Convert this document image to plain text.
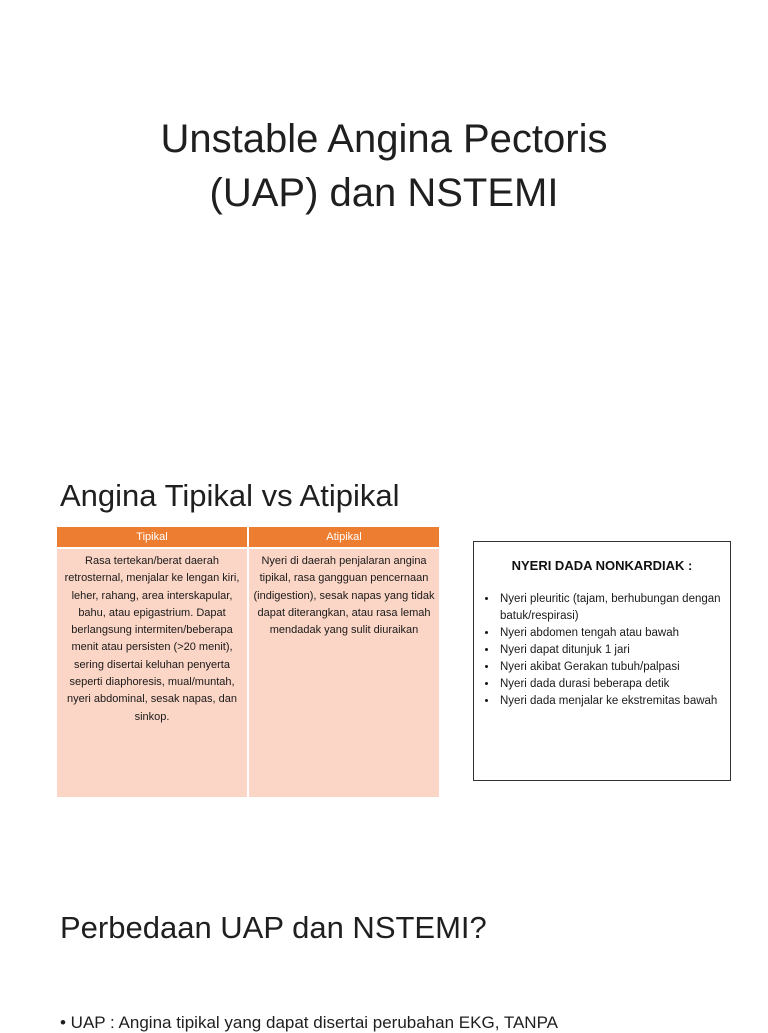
Unstable Angina Pectoris
(UAP) dan NSTEMI
Angina Tipikal vs Atipikal
Tipikal	Atipikal
Rasa tertekan/berat daerah retrosternal, menjalar ke lengan kiri, leher, rahang, area interskapular, bahu, atau epigastrium. Dapat berlangsung intermiten/beberapa menit atau persisten (>20 menit), sering disertai keluhan penyerta seperti diaphoresis, mual/muntah, nyeri abdominal, sesak napas, dan sinkop.	Nyeri di daerah penjalaran angina tipikal, rasa gangguan pencernaan (indigestion), sesak napas yang tidak dapat diterangkan, atau rasa lemah mendadak yang sulit diuraikan
NYERI DADA NONKARDIAK :
• Nyeri pleuritic (tajam, berhubungan dengan batuk/respirasi)
• Nyeri abdomen tengah atau bawah
• Nyeri dapat ditunjuk 1 jari
• Nyeri akibat Gerakan tubuh/palpasi
• Nyeri dada durasi beberapa detik
• Nyeri dada menjalar ke ekstremitas bawah
Perbedaan UAP dan NSTEMI?

• UAP : Angina tipikal yang dapat disertai perubahan EKG, TANPA
